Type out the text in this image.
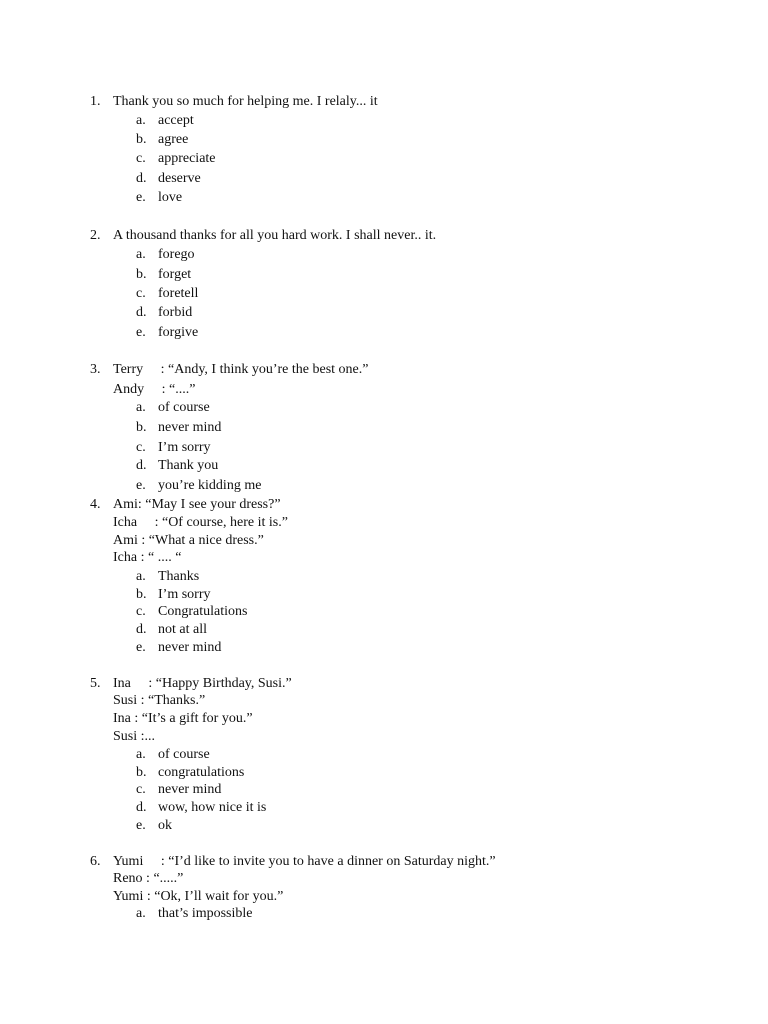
1. Thank you so much for helping me. I relaly... it
a. accept
b. agree
c. appreciate
d. deserve
e. love
2. A thousand thanks for all you hard work. I shall never.. it.
a. forego
b. forget
c. foretell
d. forbid
e. forgive
3. Terry  : “Andy, I think you’re the best one.”
Andy  : “....”
a. of course
b. never mind
c. I’m sorry
d. Thank you
e. you’re kidding me
4. Ami: “May I see your dress?”
Icha  : “Of course, here it is.”
Ami : “What a nice dress.”
Icha : “ .... “
a. Thanks
b. I’m sorry
c. Congratulations
d. not at all
e. never mind
5. Ina  : “Happy Birthday, Susi.”
Susi : “Thanks.”
Ina : “It’s a gift for you.”
Susi :...
a. of course
b. congratulations
c. never mind
d. wow, how nice it is
e. ok
6. Yumi  : “I’d like to invite you to have a dinner on Saturday night.”
Reno : “.....”
Yumi : “Ok, I’ll wait for you.”
a. that’s impossible
